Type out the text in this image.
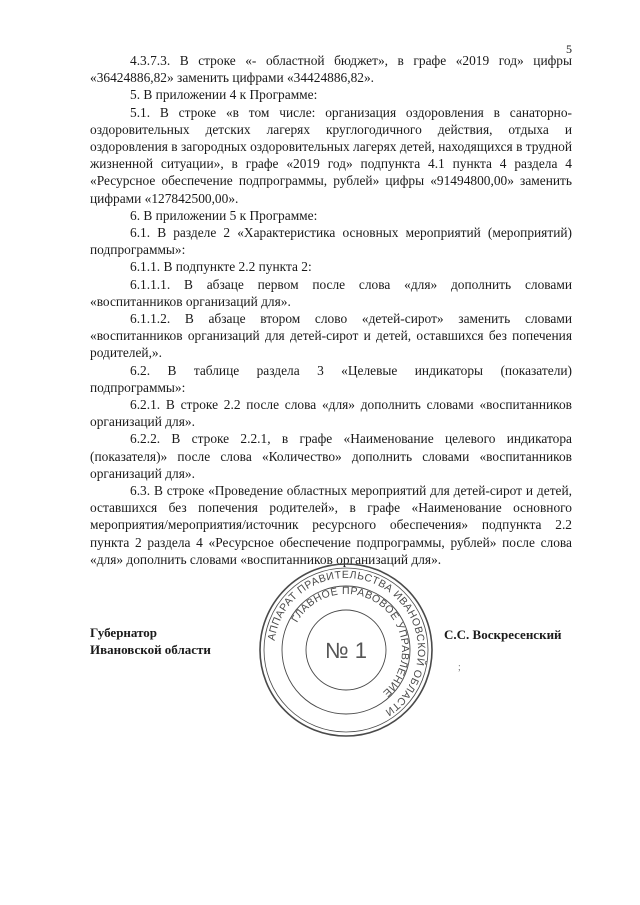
5

4.3.7.3. В строке «- областной бюджет», в графе «2019 год» цифры «36424886,82» заменить цифрами «34424886,82».

5. В приложении 4 к Программе:

5.1. В строке «в том числе: организация оздоровления в санаторно-оздоровительных детских лагерях круглогодичного действия, отдыха и оздоровления в загородных оздоровительных лагерях детей, находящихся в трудной жизненной ситуации», в графе «2019 год» подпункта 4.1 пункта 4 раздела 4 «Ресурсное обеспечение подпрограммы, рублей» цифры «91494800,00» заменить цифрами «127842500,00».

6. В приложении 5 к Программе:

6.1. В разделе 2 «Характеристика основных мероприятий (мероприятий) подпрограммы»:

6.1.1. В подпункте 2.2 пункта 2:

6.1.1.1. В абзаце первом после слова «для» дополнить словами «воспитанников организаций для».

6.1.1.2. В абзаце втором слово «детей-сирот» заменить словами «воспитанников организаций для детей-сирот и детей, оставшихся без попечения родителей,».

6.2. В таблице раздела 3 «Целевые индикаторы (показатели) подпрограммы»:

6.2.1. В строке 2.2 после слова «для» дополнить словами «воспитанников организаций для».

6.2.2. В строке 2.2.1, в графе «Наименование целевого индикатора (показателя)» после слова «Количество» дополнить словами «воспитанников организаций для».

6.3. В строке «Проведение областных мероприятий для детей-сирот и детей, оставшихся без попечения родителей», в графе «Наименование основного мероприятия/мероприятия/источник ресурсного обеспечения» подпункта 2.2 пункта 2 раздела 4 «Ресурсное обеспечение подпрограммы, рублей» после слова «для» дополнить словами «воспитанников организаций для».

Губернатор
Ивановской области
С.С. Воскресенский
АППАРАТ ПРАВИТЕЛЬСТВА ИВАНОВСКОЙ ОБЛАСТИ
ГЛАВНОЕ ПРАВОВОЕ УПРАВЛЕНИЕ
№ 1
;
